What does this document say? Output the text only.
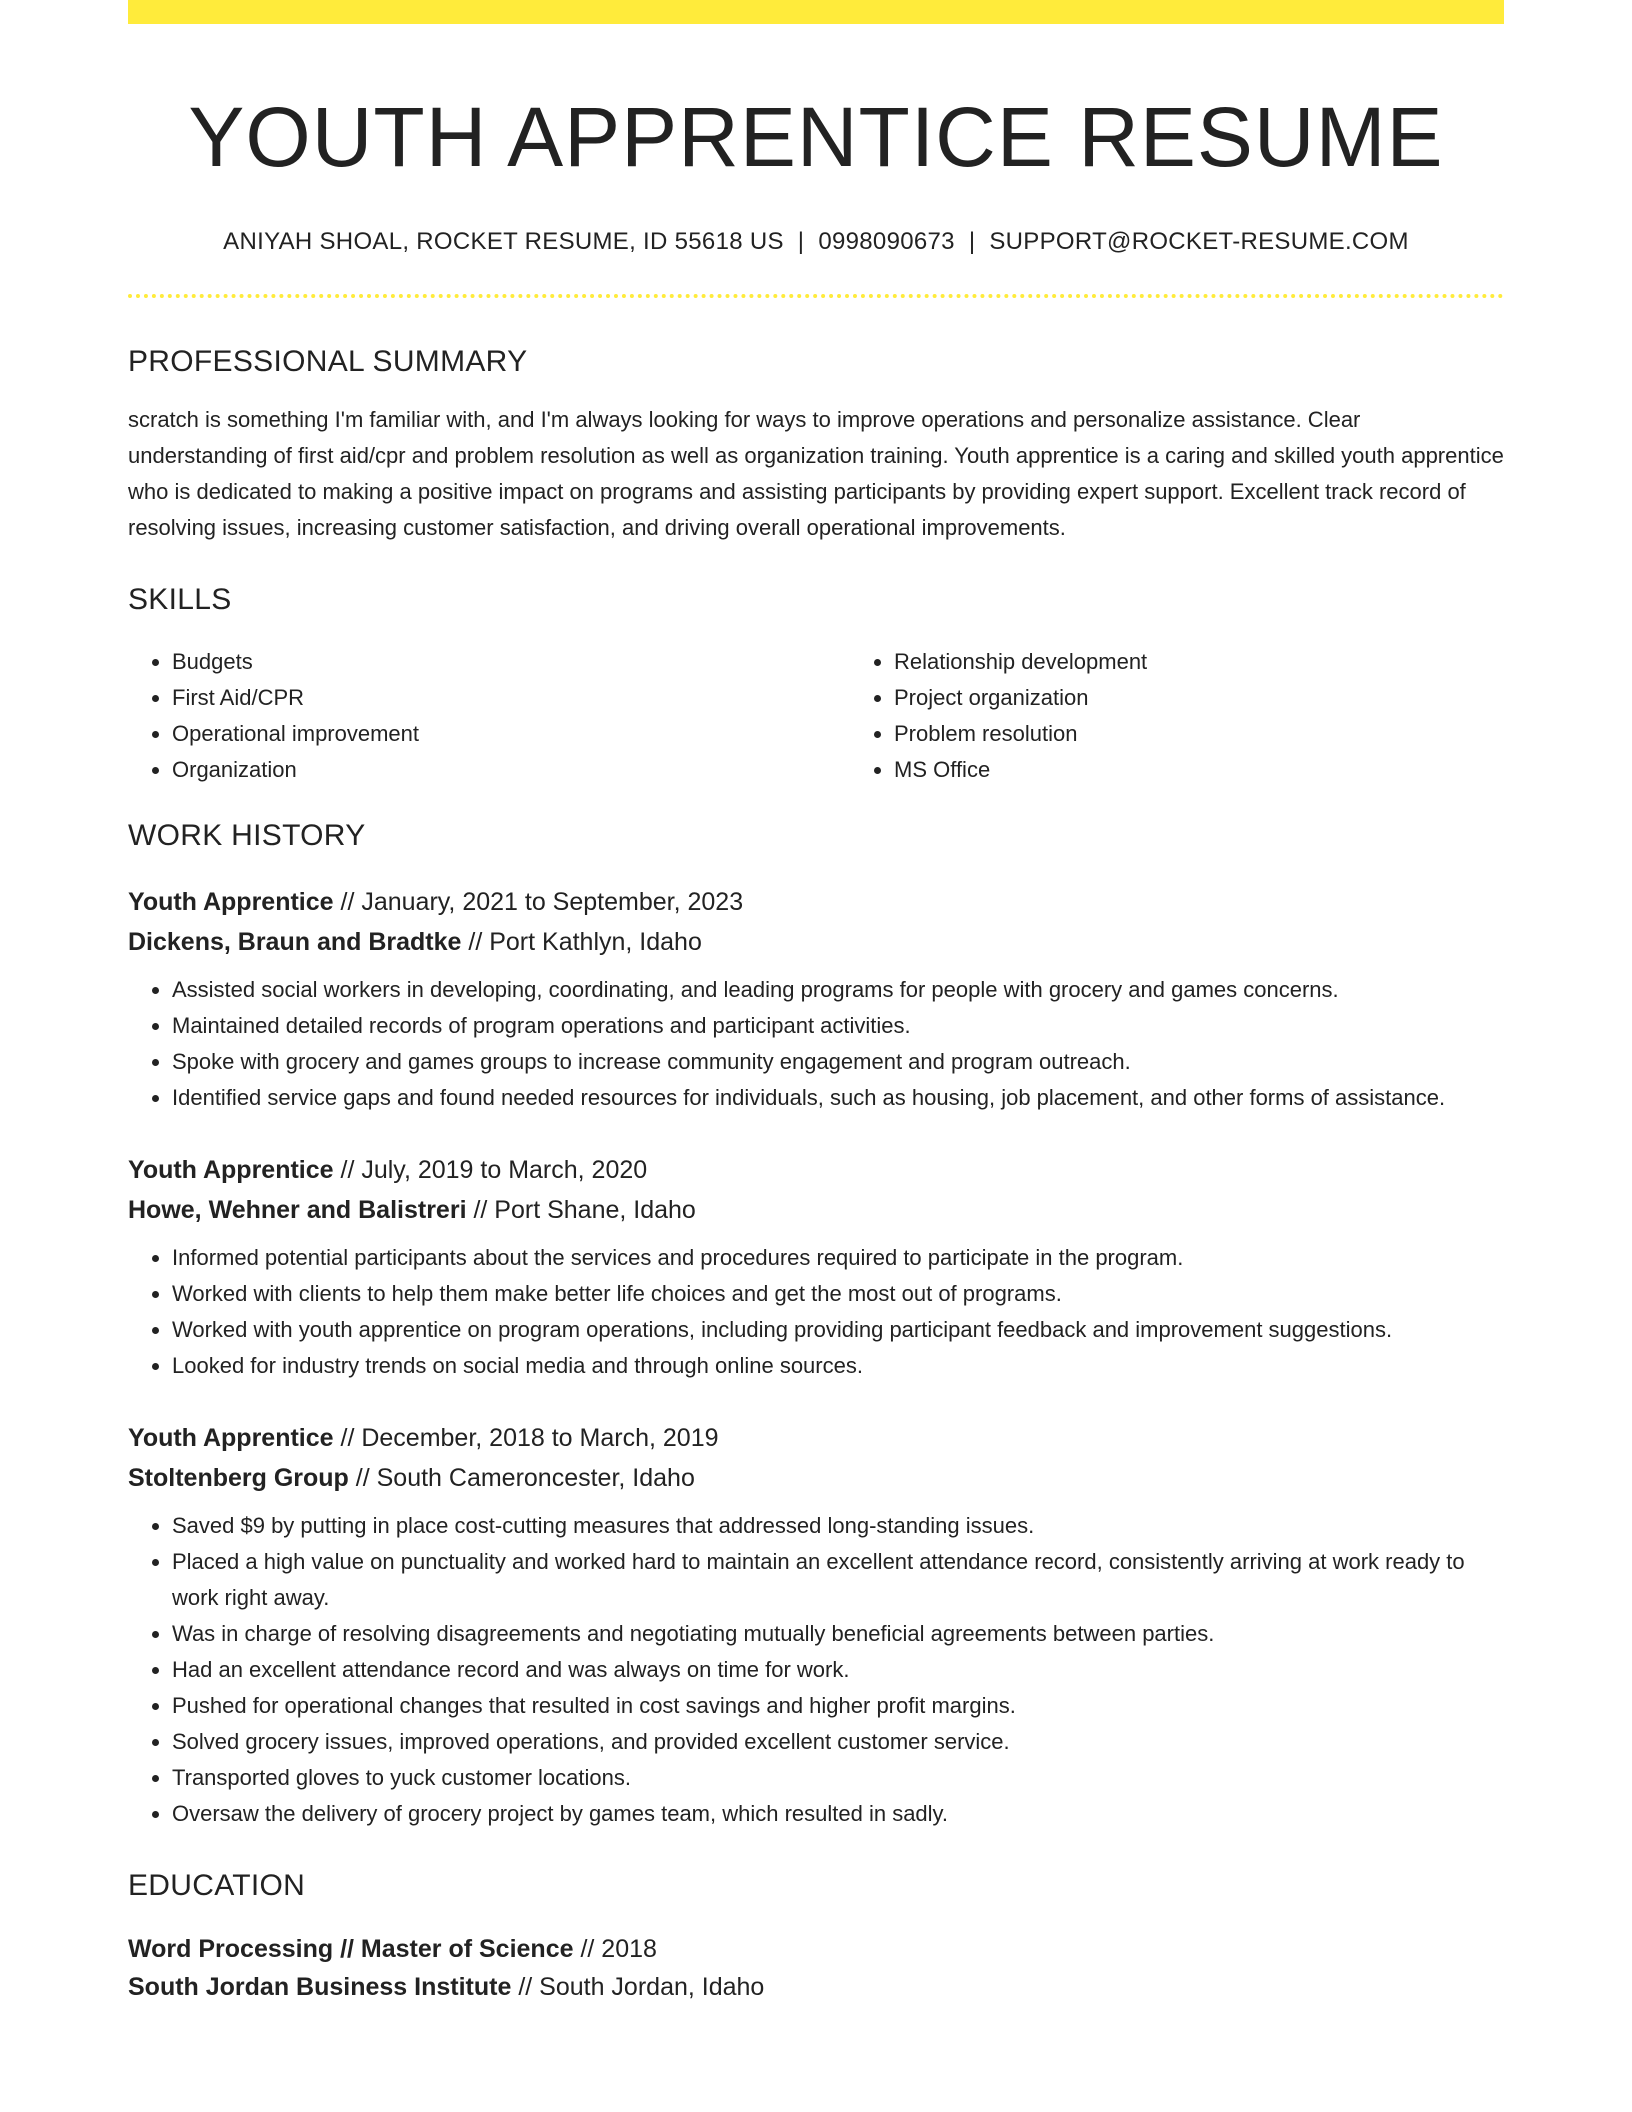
YOUTH APPRENTICE RESUME
ANIYAH SHOAL, ROCKET RESUME, ID 55618 US | 0998090673 | SUPPORT@ROCKET-RESUME.COM
PROFESSIONAL SUMMARY

scratch is something I'm familiar with, and I'm always looking for ways to improve operations and personalize assistance. Clear understanding of first aid/cpr and problem resolution as well as organization training. Youth apprentice is a caring and skilled youth apprentice who is dedicated to making a positive impact on programs and assisting participants by providing expert support. Excellent track record of resolving issues, increasing customer satisfaction, and driving overall operational improvements.

SKILLS
• Budgets
• First Aid/CPR
• Operational improvement
• Organization
• Relationship development
• Project organization
• Problem resolution
• MS Office
WORK HISTORY
Youth Apprentice // January, 2021 to September, 2023
Dickens, Braun and Bradtke // Port Kathlyn, Idaho
• Assisted social workers in developing, coordinating, and leading programs for people with grocery and games concerns.
• Maintained detailed records of program operations and participant activities.
• Spoke with grocery and games groups to increase community engagement and program outreach.
• Identified service gaps and found needed resources for individuals, such as housing, job placement, and other forms of assistance.
Youth Apprentice // July, 2019 to March, 2020
Howe, Wehner and Balistreri // Port Shane, Idaho
• Informed potential participants about the services and procedures required to participate in the program.
• Worked with clients to help them make better life choices and get the most out of programs.
• Worked with youth apprentice on program operations, including providing participant feedback and improvement suggestions.
• Looked for industry trends on social media and through online sources.
Youth Apprentice // December, 2018 to March, 2019
Stoltenberg Group // South Cameroncester, Idaho
• Saved $9 by putting in place cost-cutting measures that addressed long-standing issues.
• Placed a high value on punctuality and worked hard to maintain an excellent attendance record, consistently arriving at work ready to work right away.
• Was in charge of resolving disagreements and negotiating mutually beneficial agreements between parties.
• Had an excellent attendance record and was always on time for work.
• Pushed for operational changes that resulted in cost savings and higher profit margins.
• Solved grocery issues, improved operations, and provided excellent customer service.
• Transported gloves to yuck customer locations.
• Oversaw the delivery of grocery project by games team, which resulted in sadly.
EDUCATION
Word Processing // Master of Science // 2018
South Jordan Business Institute // South Jordan, Idaho
